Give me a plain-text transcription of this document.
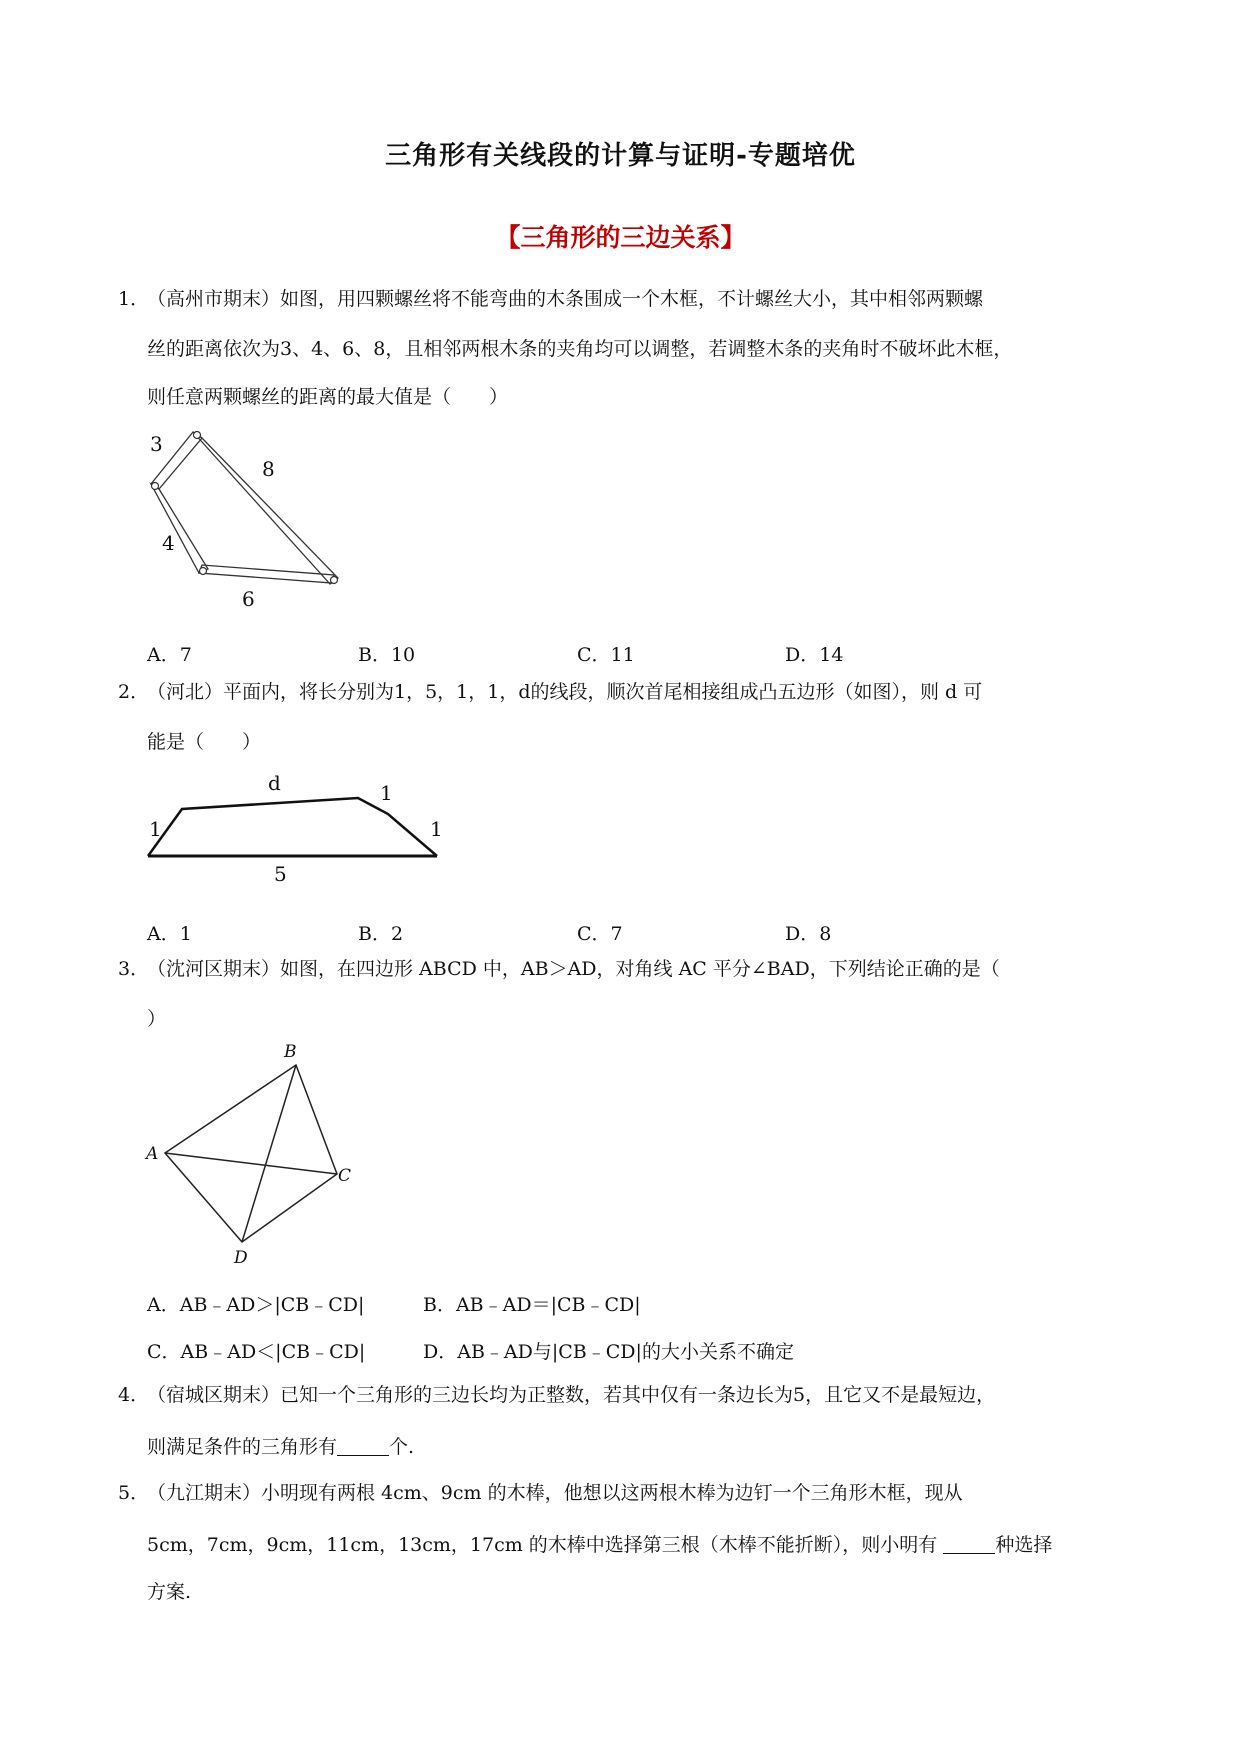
三角形有关线段的计算与证明-专题培优
【三角形的三边关系】
1．
（高州市期末）如图，用四颗螺丝将不能弯曲的木条围成一个木框，不计螺丝大小，其中相邻两颗螺
丝的距离依次为3、4、6、8，且相邻两根木条的夹角均可以调整，若调整木条的夹角时不破坏此木框，
则任意两颗螺丝的距离的最大值是（　　）
3
8
4
6
A．7	B．10	C．11	D．14
2．
（河北）平面内，将长分别为1，5，1，1，d的线段，顺次首尾相接组成凸五边形（如图），则 d 可
能是（　　）
d	1
1
1
5
A．1	B．2	C．7	D．8
3．
（沈河区期末）如图，在四边形 ABCD 中，AB＞AD，对角线 AC 平分∠BAD，下列结论正确的是（
）
B
A
C
D
A．AB﹣AD＞|CB﹣CD|	B．AB﹣AD＝|CB﹣CD|
C．AB﹣AD＜|CB﹣CD|	D．AB﹣AD与|CB﹣CD|的大小关系不确定
4．
（宿城区期末）已知一个三角形的三边长均为正整数，若其中仅有一条边长为5，且它又不是最短边，
则满足条件的三角形有	个.
5．
（九江期末）小明现有两根 4cm、9cm 的木棒，他想以这两根木棒为边钉一个三角形木框，现从
5cm，7cm，9cm，11cm，13cm，17cm 的木棒中选择第三根（木棒不能折断），则小明有	种选择
方案.
